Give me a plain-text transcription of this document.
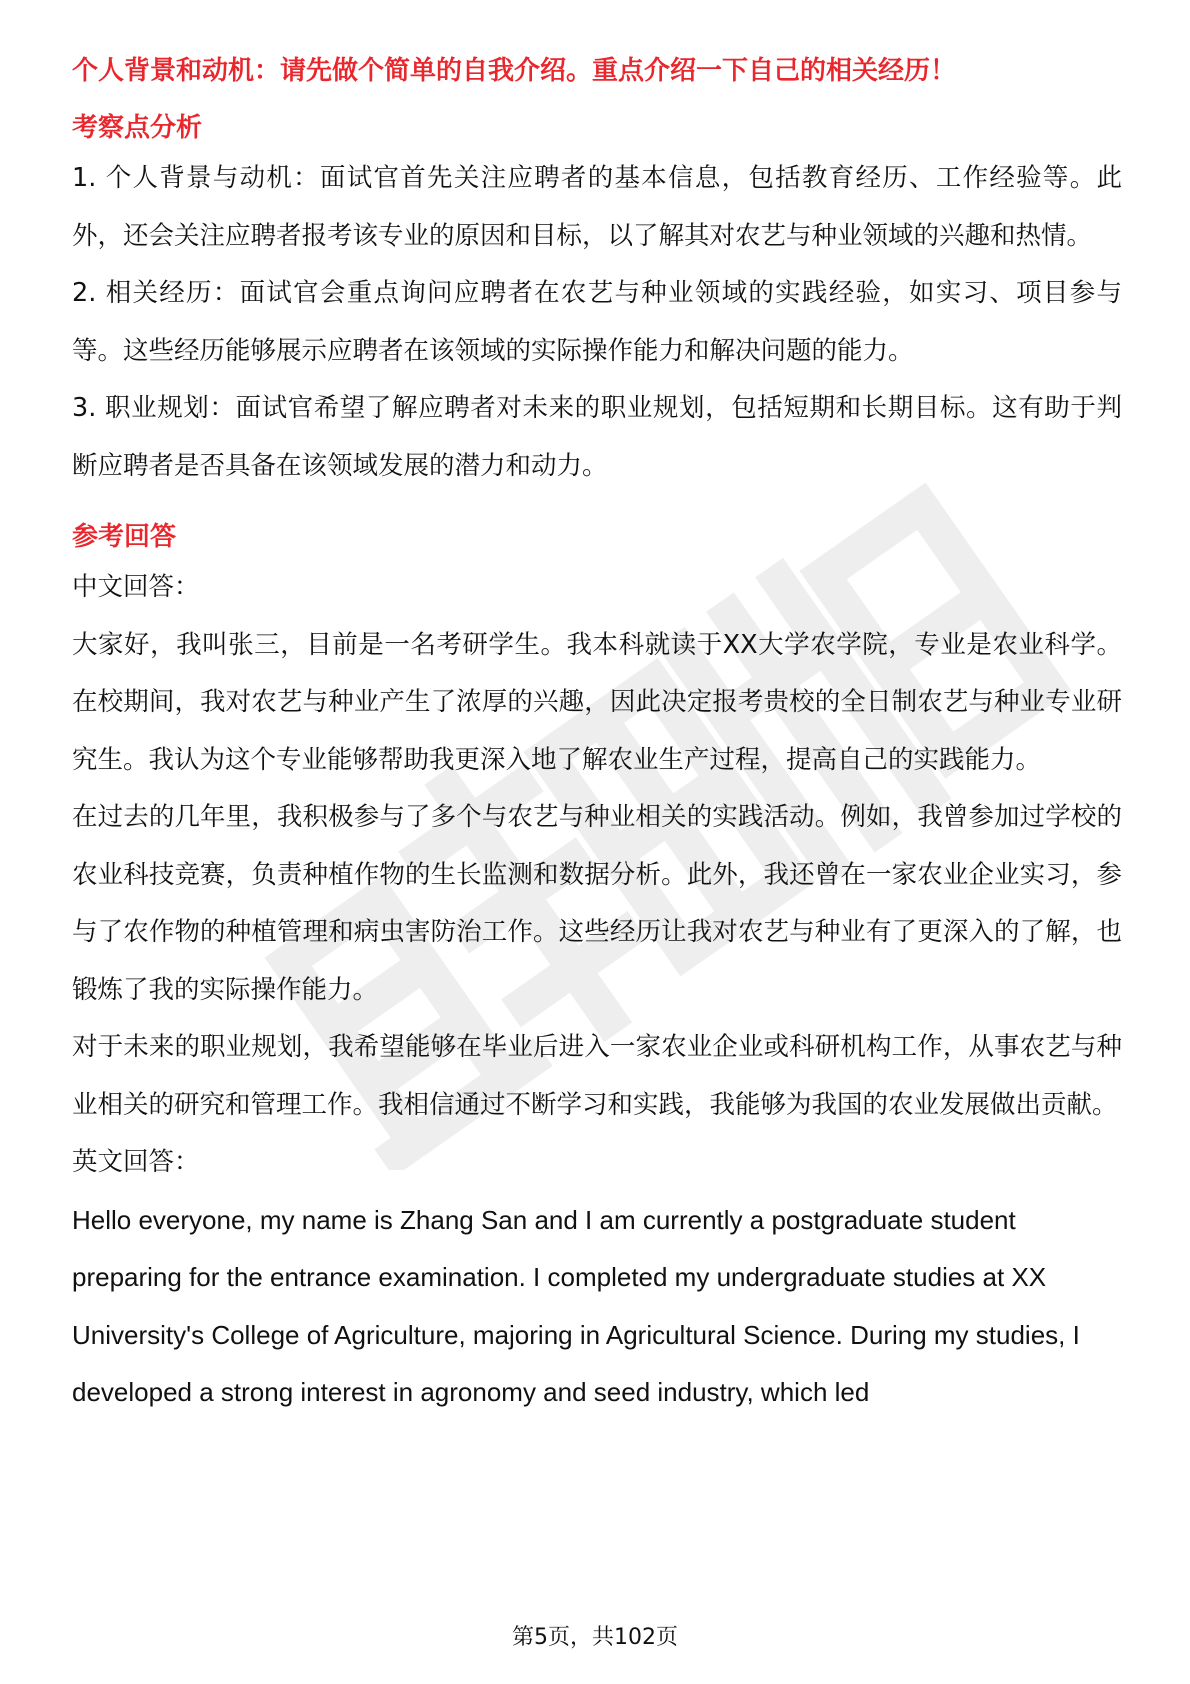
个人背景和动机：请先做个简单的自我介绍。重点介绍一下自己的相关经历！

考察点分析

1. 个人背景与动机：面试官首先关注应聘者的基本信息，包括教育经历、工作经验等。此外，还会关注应聘者报考该专业的原因和目标，以了解其对农艺与种业领域的兴趣和热情。

2. 相关经历：面试官会重点询问应聘者在农艺与种业领域的实践经验，如实习、项目参与等。这些经历能够展示应聘者在该领域的实际操作能力和解决问题的能力。

3. 职业规划：面试官希望了解应聘者对未来的职业规划，包括短期和长期目标。这有助于判断应聘者是否具备在该领域发展的潜力和动力。

参考回答

中文回答：

大家好，我叫张三，目前是一名考研学生。我本科就读于XX大学农学院，专业是农业科学。在校期间，我对农艺与种业产生了浓厚的兴趣，因此决定报考贵校的全日制农艺与种业专业研究生。我认为这个专业能够帮助我更深入地了解农业生产过程，提高自己的实践能力。

在过去的几年里，我积极参与了多个与农艺与种业相关的实践活动。例如，我曾参加过学校的农业科技竞赛，负责种植作物的生长监测和数据分析。此外，我还曾在一家农业企业实习，参与了农作物的种植管理和病虫害防治工作。这些经历让我对农艺与种业有了更深入的了解，也锻炼了我的实际操作能力。

对于未来的职业规划，我希望能够在毕业后进入一家农业企业或科研机构工作，从事农艺与种业相关的研究和管理工作。我相信通过不断学习和实践，我能够为我国的农业发展做出贡献。

英文回答：

Hello everyone, my name is Zhang San and I am currently a postgraduate student preparing for the entrance examination. I completed my undergraduate studies at XX University's College of Agriculture, majoring in Agricultural Science. During my studies, I developed a strong interest in agronomy and seed industry, which led

第5页，共102页
